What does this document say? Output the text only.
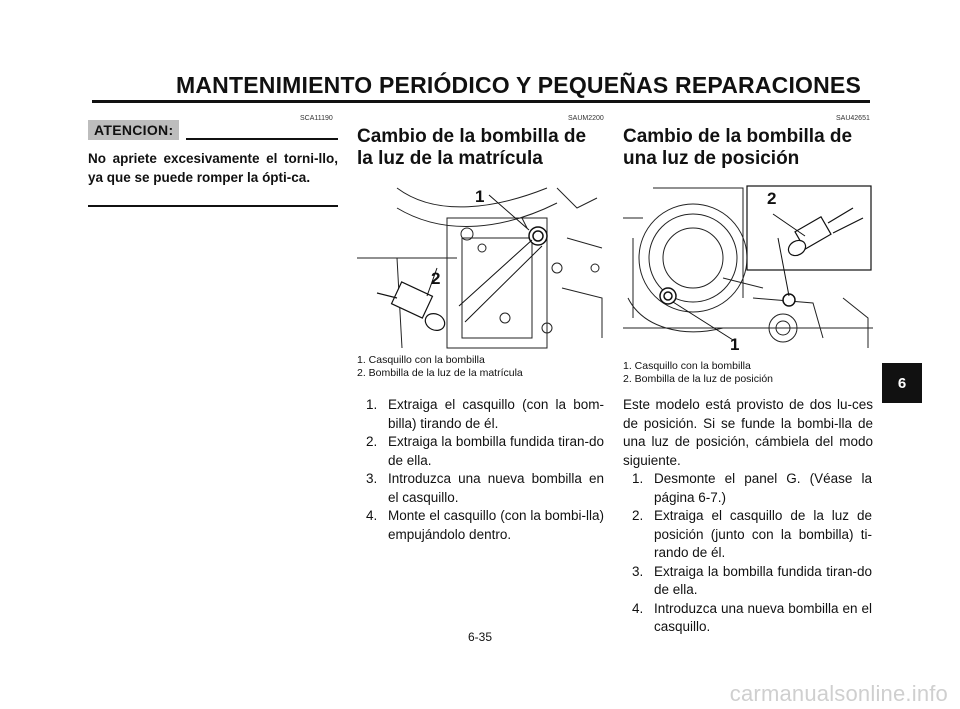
MANTENIMIENTO PERIÓDICO Y PEQUEÑAS REPARACIONES
SCA11190
ATENCION:
No apriete excesivamente el torni-llo, ya que se puede romper la ópti-ca.
SAUM2200
Cambio de la bombilla de la luz de la matrícula
1
2
1. Casquillo con la bombilla
2. Bombilla de la luz de la matrícula
1. Extraiga el casquillo (con la bom-billa) tirando de él.
2. Extraiga la bombilla fundida tiran-do de ella.
3. Introduzca una nueva bombilla en el casquillo.
4. Monte el casquillo (con la bombi-lla) empujándolo dentro.
SAU42651
Cambio de la bombilla de una luz de posición
2
1
1. Casquillo con la bombilla
2. Bombilla de la luz de posición
Este modelo está provisto de dos lu-ces de posición. Si se funde la bombi-lla de una luz de posición, cámbiela del modo siguiente.
1. Desmonte el panel G. (Véase la página 6-7.)
2. Extraiga el casquillo de la luz de posición (junto con la bombilla) ti-rando de él.
3. Extraiga la bombilla fundida tiran-do de ella.
4. Introduzca una nueva bombilla en el casquillo.
6
6-35
carmanualsonline.info
